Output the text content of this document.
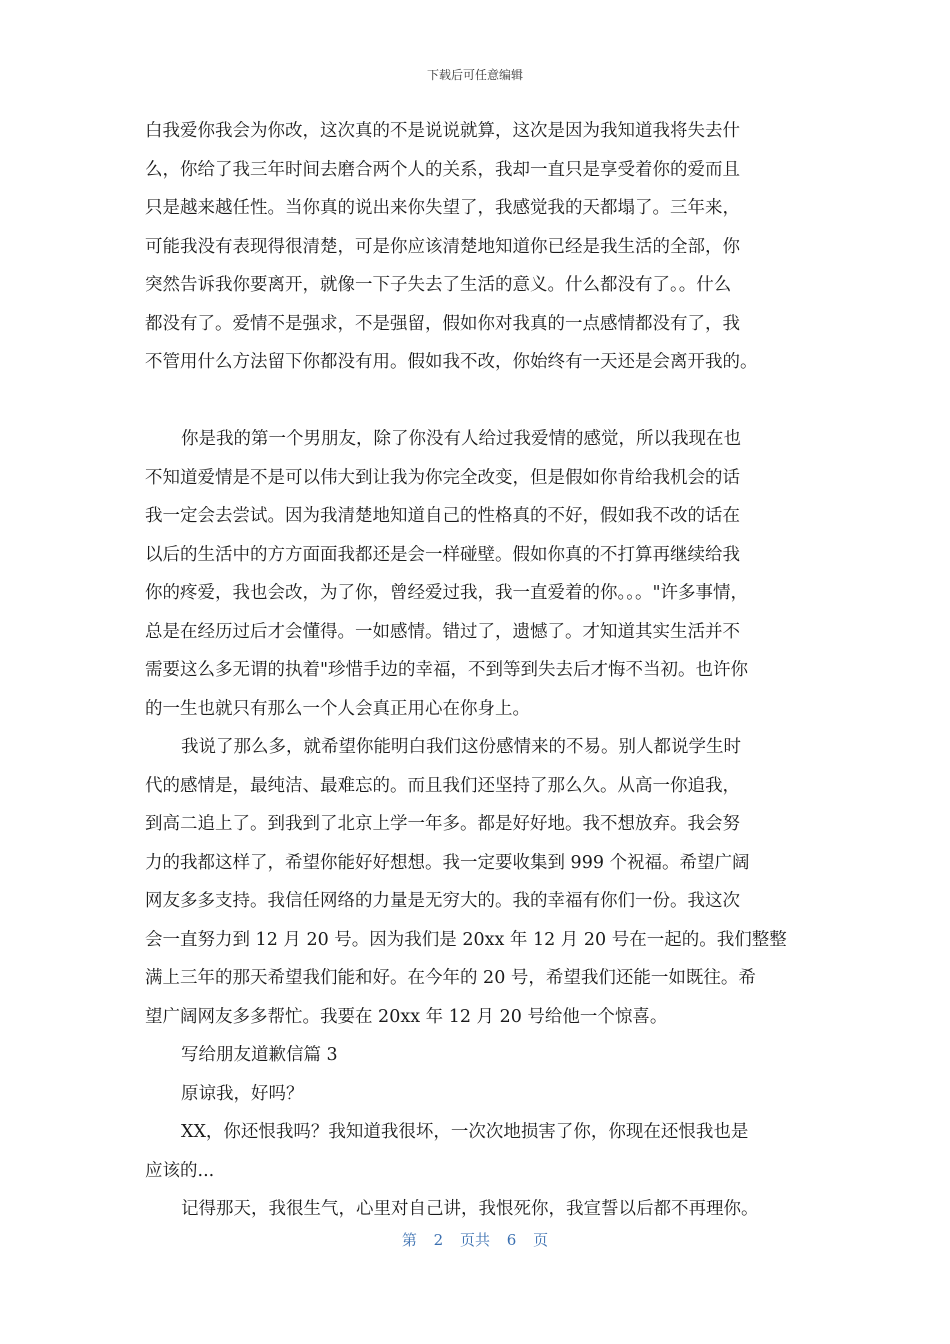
下载后可任意编辑
白我爱你我会为你改，这次真的不是说说就算，这次是因为我知道我将失去什
么，你给了我三年时间去磨合两个人的关系，我却一直只是享受着你的爱而且
只是越来越任性。当你真的说出来你失望了，我感觉我的天都塌了。三年来，
可能我没有表现得很清楚，可是你应该清楚地知道你已经是我生活的全部，你
突然告诉我你要离开，就像一下子失去了生活的意义。什么都没有了。。什么
都没有了。爱情不是强求，不是强留，假如你对我真的一点感情都没有了，我
不管用什么方法留下你都没有用。假如我不改，你始终有一天还是会离开我的。
你是我的第一个男朋友，除了你没有人给过我爱情的感觉，所以我现在也
不知道爱情是不是可以伟大到让我为你完全改变，但是假如你肯给我机会的话
我一定会去尝试。因为我清楚地知道自己的性格真的不好，假如我不改的话在
以后的生活中的方方面面我都还是会一样碰壁。假如你真的不打算再继续给我
你的疼爱，我也会改，为了你，曾经爱过我，我一直爱着的你。。。"许多事情，
总是在经历过后才会懂得。一如感情。错过了，遗憾了。才知道其实生活并不
需要这么多无谓的执着"珍惜手边的幸福，不到等到失去后才悔不当初。也许你
的一生也就只有那么一个人会真正用心在你身上。
我说了那么多，就希望你能明白我们这份感情来的不易。别人都说学生时
代的感情是，最纯洁、最难忘的。而且我们还坚持了那么久。从高一你追我，
到高二追上了。到我到了北京上学一年多。都是好好地。我不想放弃。我会努
力的我都这样了，希望你能好好想想。我一定要收集到 999 个祝福。希望广阔
网友多多支持。我信任网络的力量是无穷大的。我的幸福有你们一份。我这次
会一直努力到 12 月 20 号。因为我们是 20xx 年 12 月 20 号在一起的。我们整整
满上三年的那天希望我们能和好。在今年的 20 号，希望我们还能一如既往。希
望广阔网友多多帮忙。我要在 20xx 年 12 月 20 号给他一个惊喜。
写给朋友道歉信篇 3
原谅我，好吗？
XX，你还恨我吗？我知道我很坏，一次次地损害了你，你现在还恨我也是
应该的...
记得那天，我很生气，心里对自己讲，我恨死你，我宣誓以后都不再理你。
第 2 页共 6 页
